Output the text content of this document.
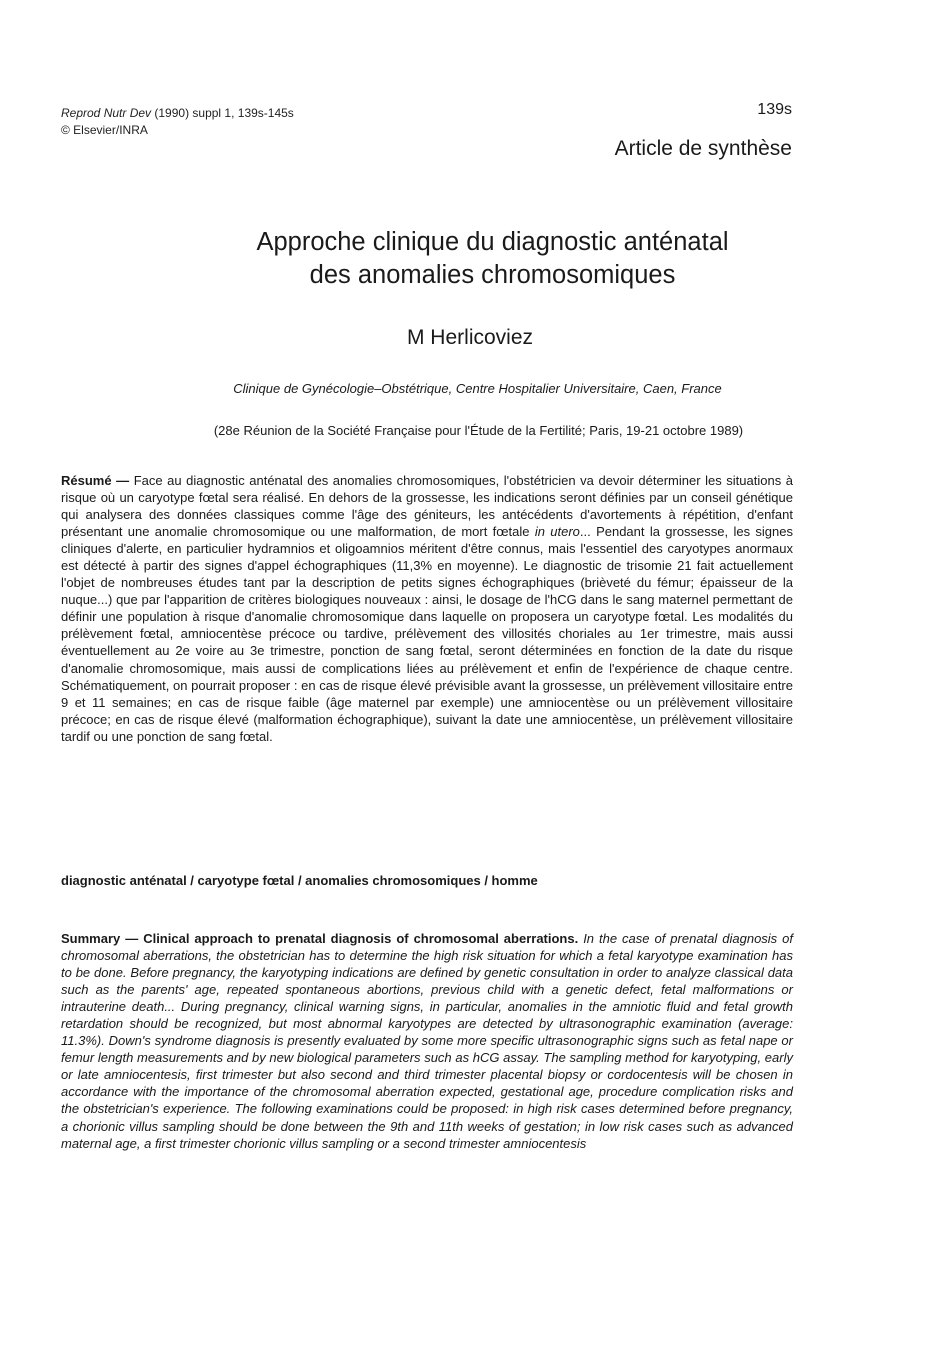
Reprod Nutr Dev (1990) suppl 1, 139s-145s
© Elsevier/INRA
139s
Article de synthèse
Approche clinique du diagnostic anténatal
des anomalies chromosomiques
M Herlicoviez
Clinique de Gynécologie–Obstétrique, Centre Hospitalier Universitaire, Caen, France
(28e Réunion de la Société Française pour l'Étude de la Fertilité; Paris, 19-21 octobre 1989)
Résumé — Face au diagnostic anténatal des anomalies chromosomiques, l'obstétricien va devoir déterminer les situations à risque où un caryotype fœtal sera réalisé. En dehors de la grossesse, les indications seront définies par un conseil génétique qui analysera des données classiques comme l'âge des géniteurs, les antécédents d'avortements à répétition, d'enfant présentant une anomalie chromosomique ou une malformation, de mort fœtale in utero... Pendant la grossesse, les signes cliniques d'alerte, en particulier hydramnios et oligoamnios méritent d'être connus, mais l'essentiel des caryotypes anormaux est détecté à partir des signes d'appel échographiques (11,3% en moyenne). Le diagnostic de trisomie 21 fait actuellement l'objet de nombreuses études tant par la description de petits signes échographiques (brièveté du fémur; épaisseur de la nuque...) que par l'apparition de critères biologiques nouveaux : ainsi, le dosage de l'hCG dans le sang maternel permettant de définir une population à risque d'anomalie chromosomique dans laquelle on proposera un caryotype fœtal. Les modalités du prélèvement fœtal, amniocentèse précoce ou tardive, prélèvement des villosités choriales au 1er trimestre, mais aussi éventuellement au 2e voire au 3e trimestre, ponction de sang fœtal, seront déterminées en fonction de la date du risque d'anomalie chromosomique, mais aussi de complications liées au prélèvement et enfin de l'expérience de chaque centre. Schématiquement, on pourrait proposer : en cas de risque élevé prévisible avant la grossesse, un prélèvement villositaire entre 9 et 11 semaines; en cas de risque faible (âge maternel par exemple) une amniocentèse ou un prélèvement villositaire précoce; en cas de risque élevé (malformation échographique), suivant la date une amniocentèse, un prélèvement villositaire tardif ou une ponction de sang fœtal.
diagnostic anténatal / caryotype fœtal / anomalies chromosomiques / homme
Summary — Clinical approach to prenatal diagnosis of chromosomal aberrations. In the case of prenatal diagnosis of chromosomal aberrations, the obstetrician has to determine the high risk situation for which a fetal karyotype examination has to be done. Before pregnancy, the karyotyping indications are defined by genetic consultation in order to analyze classical data such as the parents' age, repeated spontaneous abortions, previous child with a genetic defect, fetal malformations or intrauterine death... During pregnancy, clinical warning signs, in particular, anomalies in the amniotic fluid and fetal growth retardation should be recognized, but most abnormal karyotypes are detected by ultrasonographic examination (average: 11.3%). Down's syndrome diagnosis is presently evaluated by some more specific ultrasonographic signs such as fetal nape or femur length measurements and by new biological parameters such as hCG assay. The sampling method for karyotyping, early or late amniocentesis, first trimester but also second and third trimester placental biopsy or cordocentesis will be chosen in accordance with the importance of the chromosomal aberration expected, gestational age, procedure complication risks and the obstetrician's experience. The following examinations could be proposed: in high risk cases determined before pregnancy, a chorionic villus sampling should be done between the 9th and 11th weeks of gestation; in low risk cases such as advanced maternal age, a first trimester chorionic villus sampling or a second trimester amniocentesis
